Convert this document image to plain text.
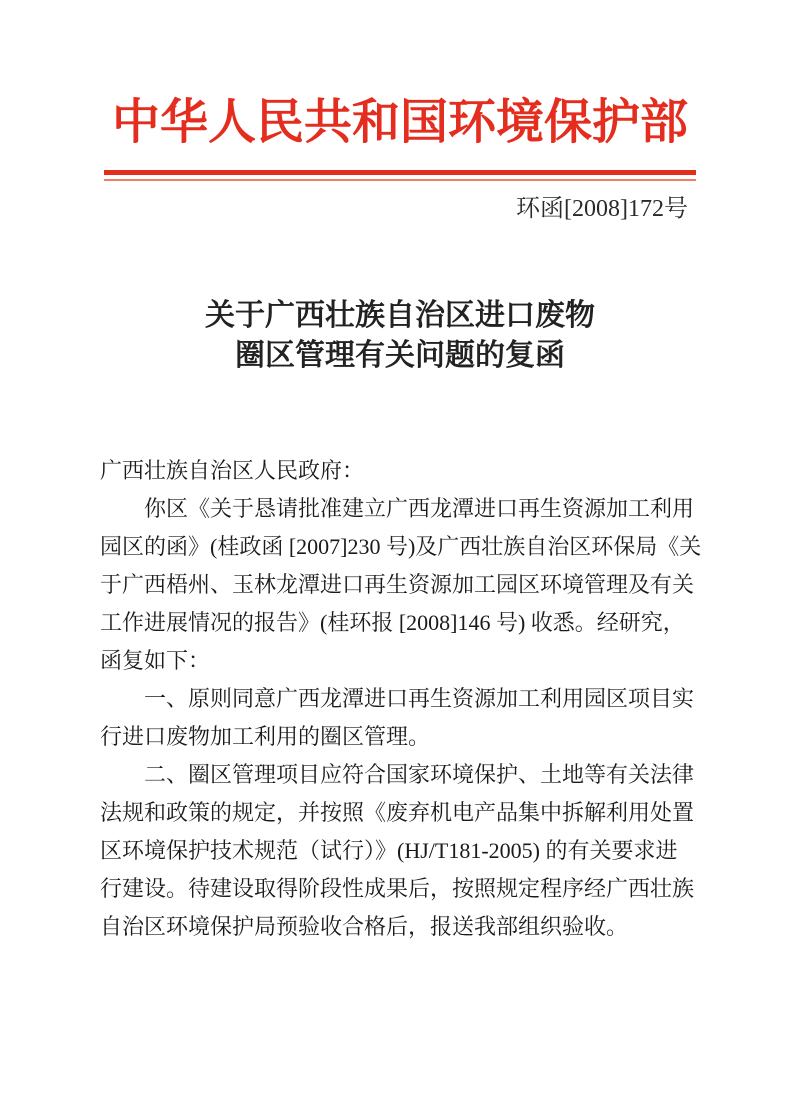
中华人民共和国环境保护部
环函[2008]172号
关于广西壮族自治区进口废物
圈区管理有关问题的复函

广西壮族自治区人民政府：

你区《关于恳请批准建立广西龙潭进口再生资源加工利用
园区的函》(桂政函 [2007]230 号)及广西壮族自治区环保局《关
于广西梧州、玉林龙潭进口再生资源加工园区环境管理及有关
工作进展情况的报告》(桂环报 [2008]146 号) 收悉。经研究，
函复如下：
一、原则同意广西龙潭进口再生资源加工利用园区项目实
行进口废物加工利用的圈区管理。
二、圈区管理项目应符合国家环境保护、土地等有关法律
法规和政策的规定，并按照《废弃机电产品集中拆解利用处置
区环境保护技术规范（试行）》(HJ/T181-2005) 的有关要求进
行建设。待建设取得阶段性成果后，按照规定程序经广西壮族
自治区环境保护局预验收合格后，报送我部组织验收。
